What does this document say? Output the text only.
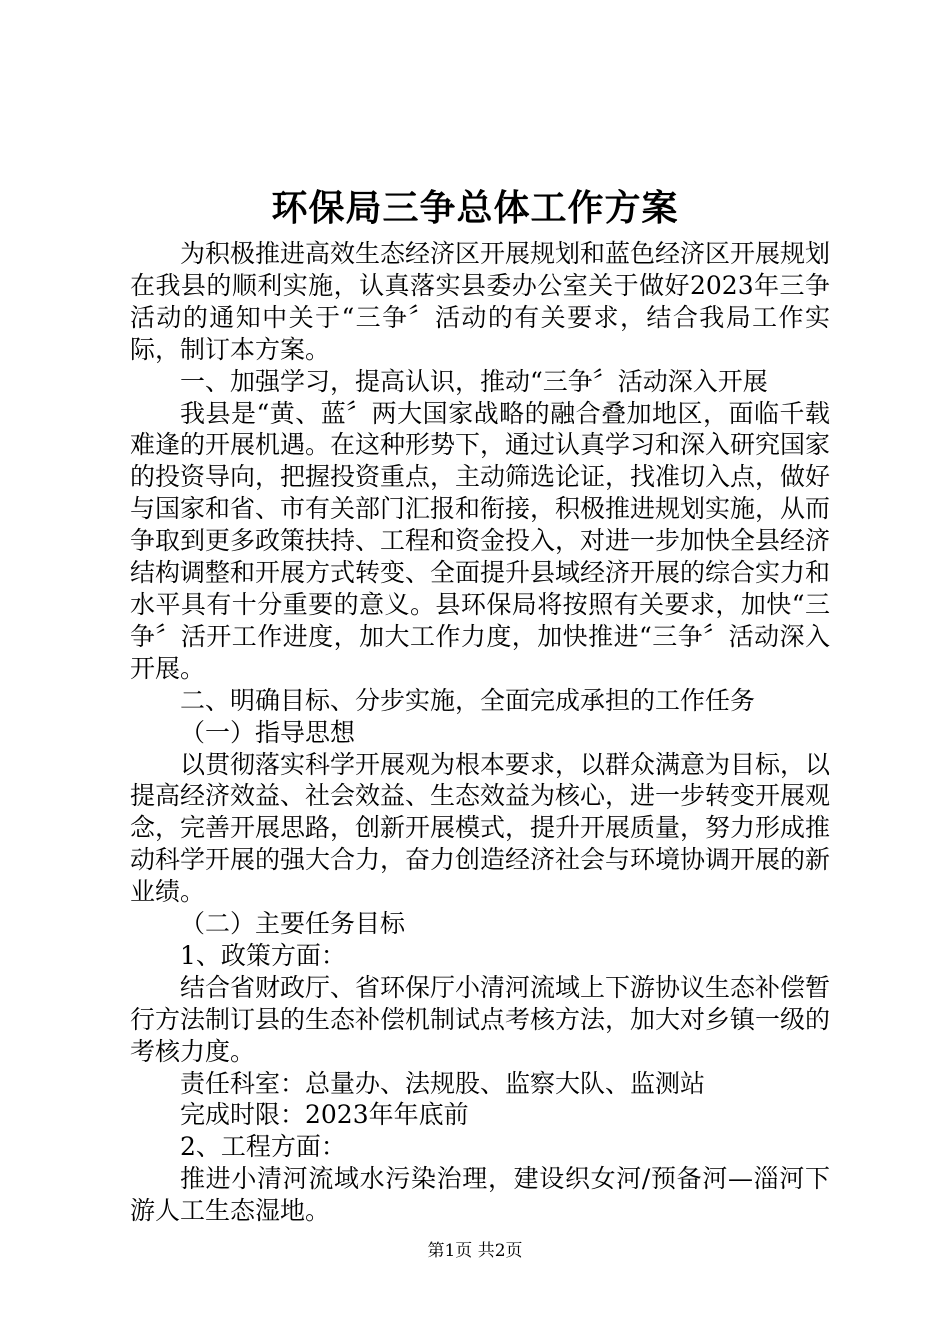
环保局三争总体工作方案

为积极推进高效生态经济区开展规划和蓝色经济区开展规划在我县的顺利实施，认真落实县委办公室关于做好2023年三争活动的通知中关于“三争〞活动的有关要求，结合我局工作实际，制订本方案。

一、加强学习，提高认识，推动“三争〞活动深入开展

我县是“黄、蓝〞两大国家战略的融合叠加地区，面临千载难逢的开展机遇。在这种形势下，通过认真学习和深入研究国家的投资导向，把握投资重点，主动筛选论证，找准切入点，做好与国家和省、市有关部门汇报和衔接，积极推进规划实施，从而争取到更多政策扶持、工程和资金投入，对进一步加快全县经济结构调整和开展方式转变、全面提升县域经济开展的综合实力和水平具有十分重要的意义。县环保局将按照有关要求，加快“三争〞活开工作进度，加大工作力度，加快推进“三争〞活动深入开展。

二、明确目标、分步实施，全面完成承担的工作任务

（一）指导思想

以贯彻落实科学开展观为根本要求，以群众满意为目标，以提高经济效益、社会效益、生态效益为核心，进一步转变开展观念，完善开展思路，创新开展模式，提升开展质量，努力形成推动科学开展的强大合力，奋力创造经济社会与环境协调开展的新业绩。

（二）主要任务目标

1、政策方面：

结合省财政厅、省环保厅小清河流域上下游协议生态补偿暂行方法制订县的生态补偿机制试点考核方法，加大对乡镇一级的考核力度。

责任科室：总量办、法规股、监察大队、监测站

完成时限：2023年年底前

2、工程方面：

推进小清河流域水污染治理，建设织女河/预备河—淄河下游人工生态湿地。

第1页 共2页
